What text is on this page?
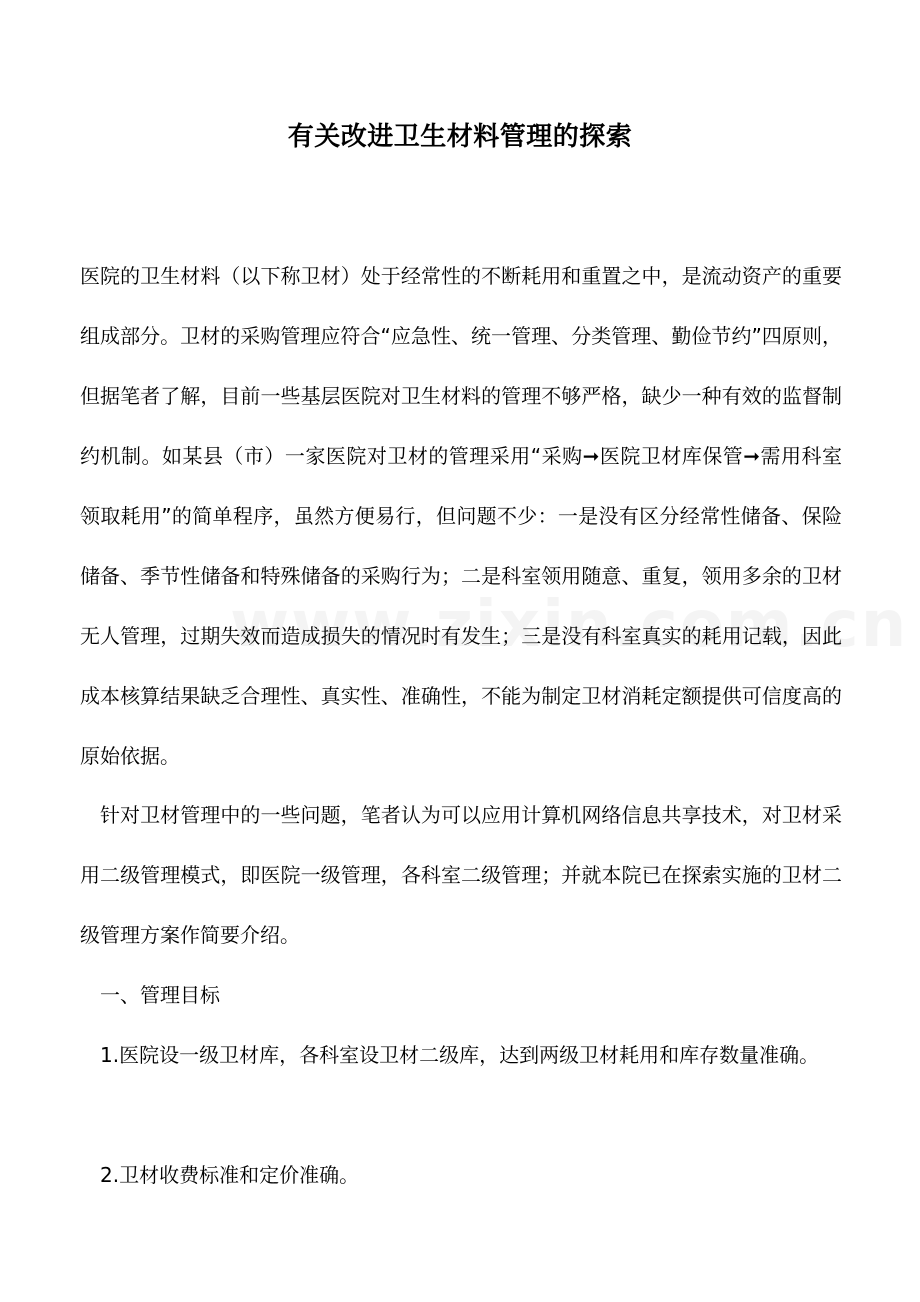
有关改进卫生材料管理的探索

医院的卫生材料（以下称卫材）处于经常性的不断耗用和重置之中，是流动资产的重要组成部分。卫材的采购管理应符合“应急性、统一管理、分类管理、勤俭节约”四原则，但据笔者了解，目前一些基层医院对卫生材料的管理不够严格，缺少一种有效的监督制约机制。如某县（市）一家医院对卫材的管理采用“采购➞医院卫材库保管➞需用科室领取耗用”的简单程序，虽然方便易行，但问题不少：一是没有区分经常性储备、保险储备、季节性储备和特殊储备的采购行为；二是科室领用随意、重复，领用多余的卫材无人管理，过期失效而造成损失的情况时有发生；三是没有科室真实的耗用记载，因此成本核算结果缺乏合理性、真实性、准确性，不能为制定卫材消耗定额提供可信度高的原始依据。

针对卫材管理中的一些问题，笔者认为可以应用计算机网络信息共享技术，对卫材采用二级管理模式，即医院一级管理，各科室二级管理；并就本院已在探索实施的卫材二级管理方案作简要介绍。

一、管理目标

1.医院设一级卫材库，各科室设卫材二级库，达到两级卫材耗用和库存数量准确。

2.卫材收费标准和定价准确。
